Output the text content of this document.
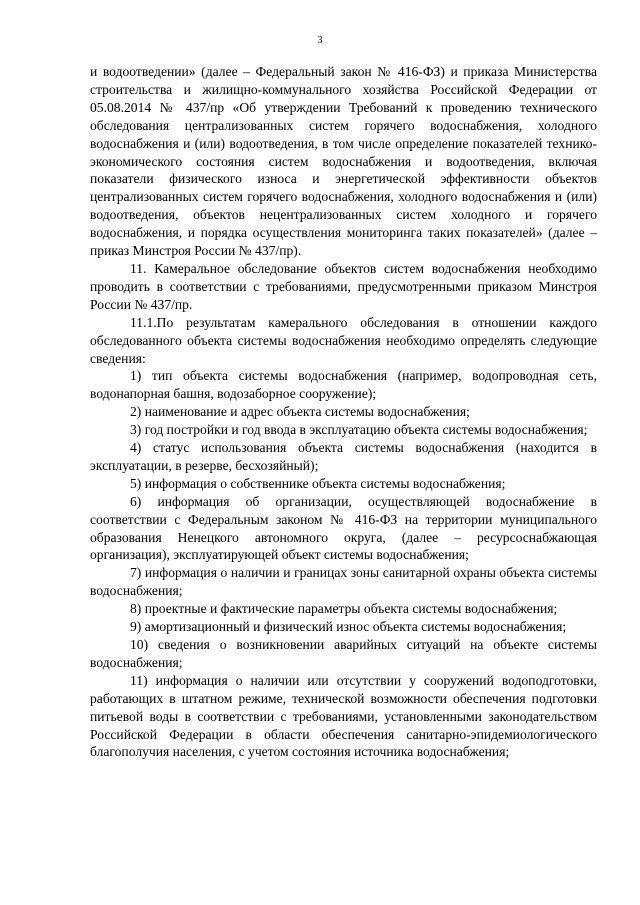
3

и водоотведении» (далее – Федеральный закон № 416-ФЗ) и приказа Министерства строительства и жилищно-коммунального хозяйства Российской Федерации от 05.08.2014 № 437/пр «Об утверждении Требований к проведению технического обследования централизованных систем горячего водоснабжения, холодного водоснабжения и (или) водоотведения, в том числе определение показателей технико-экономического состояния систем водоснабжения и водоотведения, включая показатели физического износа и энергетической эффективности объектов централизованных систем горячего водоснабжения, холодного водоснабжения и (или) водоотведения, объектов нецентрализованных систем холодного и горячего водоснабжения, и порядка осуществления мониторинга таких показателей» (далее – приказ Минстроя России № 437/пр).

11. Камеральное обследование объектов систем водоснабжения необходимо проводить в соответствии с требованиями, предусмотренными приказом Минстроя России № 437/пр.

11.1.По результатам камерального обследования в отношении каждого обследованного объекта системы водоснабжения необходимо определять следующие сведения:

1) тип объекта системы водоснабжения (например, водопроводная сеть, водонапорная башня, водозаборное сооружение);

2) наименование и адрес объекта системы водоснабжения;

3) год постройки и год ввода в эксплуатацию объекта системы водоснабжения;

4) статус использования объекта системы водоснабжения (находится в эксплуатации, в резерве, бесхозяйный);

5) информация о собственнике объекта системы водоснабжения;

6) информация об организации, осуществляющей водоснабжение в соответствии с Федеральным законом № 416-ФЗ на территории муниципального образования Ненецкого автономного округа, (далее – ресурсоснабжающая организация), эксплуатирующей объект системы водоснабжения;

7) информация о наличии и границах зоны санитарной охраны объекта системы водоснабжения;

8) проектные и фактические параметры объекта системы водоснабжения;

9) амортизационный и физический износ объекта системы водоснабжения;

10) сведения о возникновении аварийных ситуаций на объекте системы водоснабжения;

11) информация о наличии или отсутствии у сооружений водоподготовки, работающих в штатном режиме, технической возможности обеспечения подготовки питьевой воды в соответствии с требованиями, установленными законодательством Российской Федерации в области обеспечения санитарно-эпидемиологического благополучия населения, с учетом состояния источника водоснабжения;
